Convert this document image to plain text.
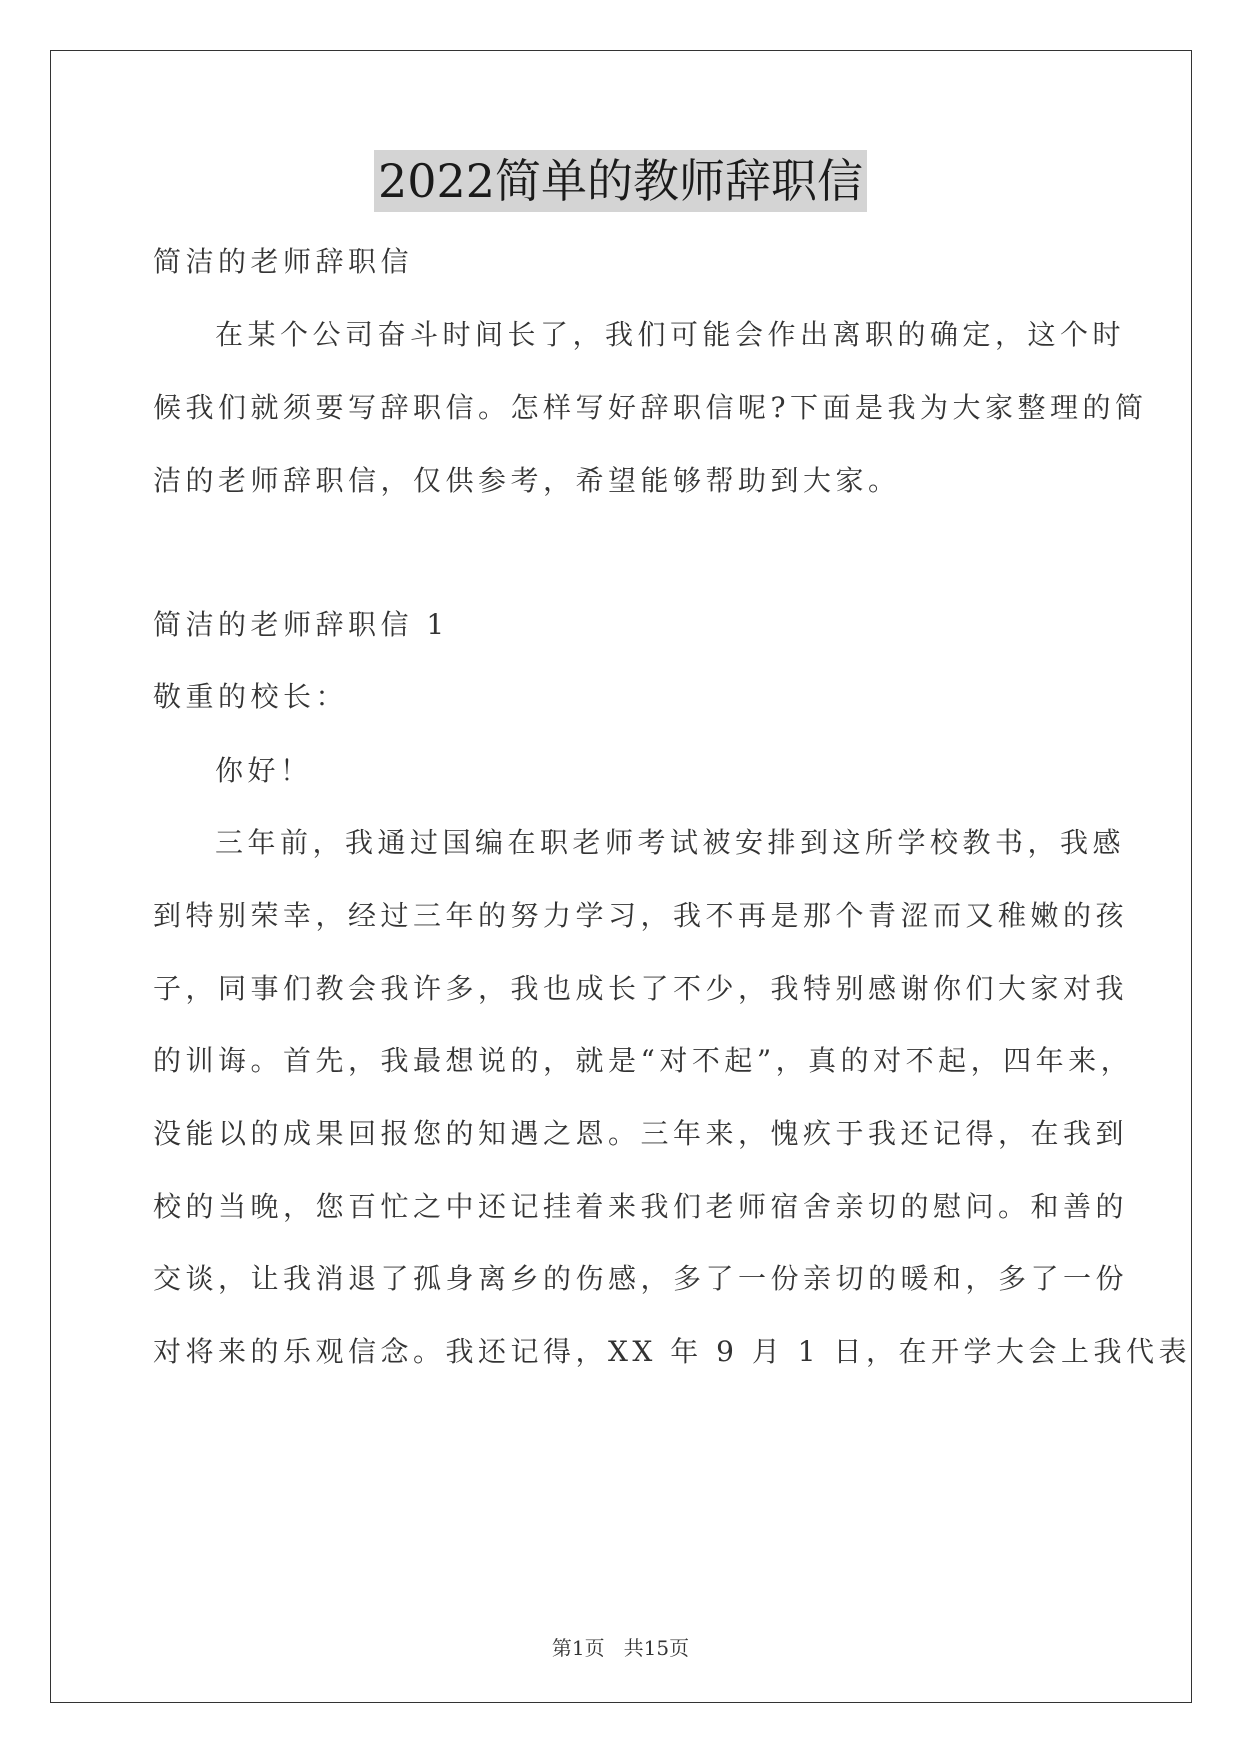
2022简单的教师辞职信
简洁的老师辞职信
在某个公司奋斗时间长了，我们可能会作出离职的确定，这个时
候我们就须要写辞职信。怎样写好辞职信呢?下面是我为大家整理的简
洁的老师辞职信，仅供参考，希望能够帮助到大家。
简洁的老师辞职信 1
敬重的校长：
你好！
三年前，我通过国编在职老师考试被安排到这所学校教书，我感
到特别荣幸，经过三年的努力学习，我不再是那个青涩而又稚嫩的孩
子，同事们教会我许多，我也成长了不少，我特别感谢你们大家对我
的训诲。首先，我最想说的，就是“对不起”，真的对不起，四年来，
没能以的成果回报您的知遇之恩。三年来，愧疚于我还记得，在我到
校的当晚，您百忙之中还记挂着来我们老师宿舍亲切的慰问。和善的
交谈，让我消退了孤身离乡的伤感，多了一份亲切的暖和，多了一份
对将来的乐观信念。我还记得，XX 年 9 月 1 日，在开学大会上我代表
第1页   共15页
